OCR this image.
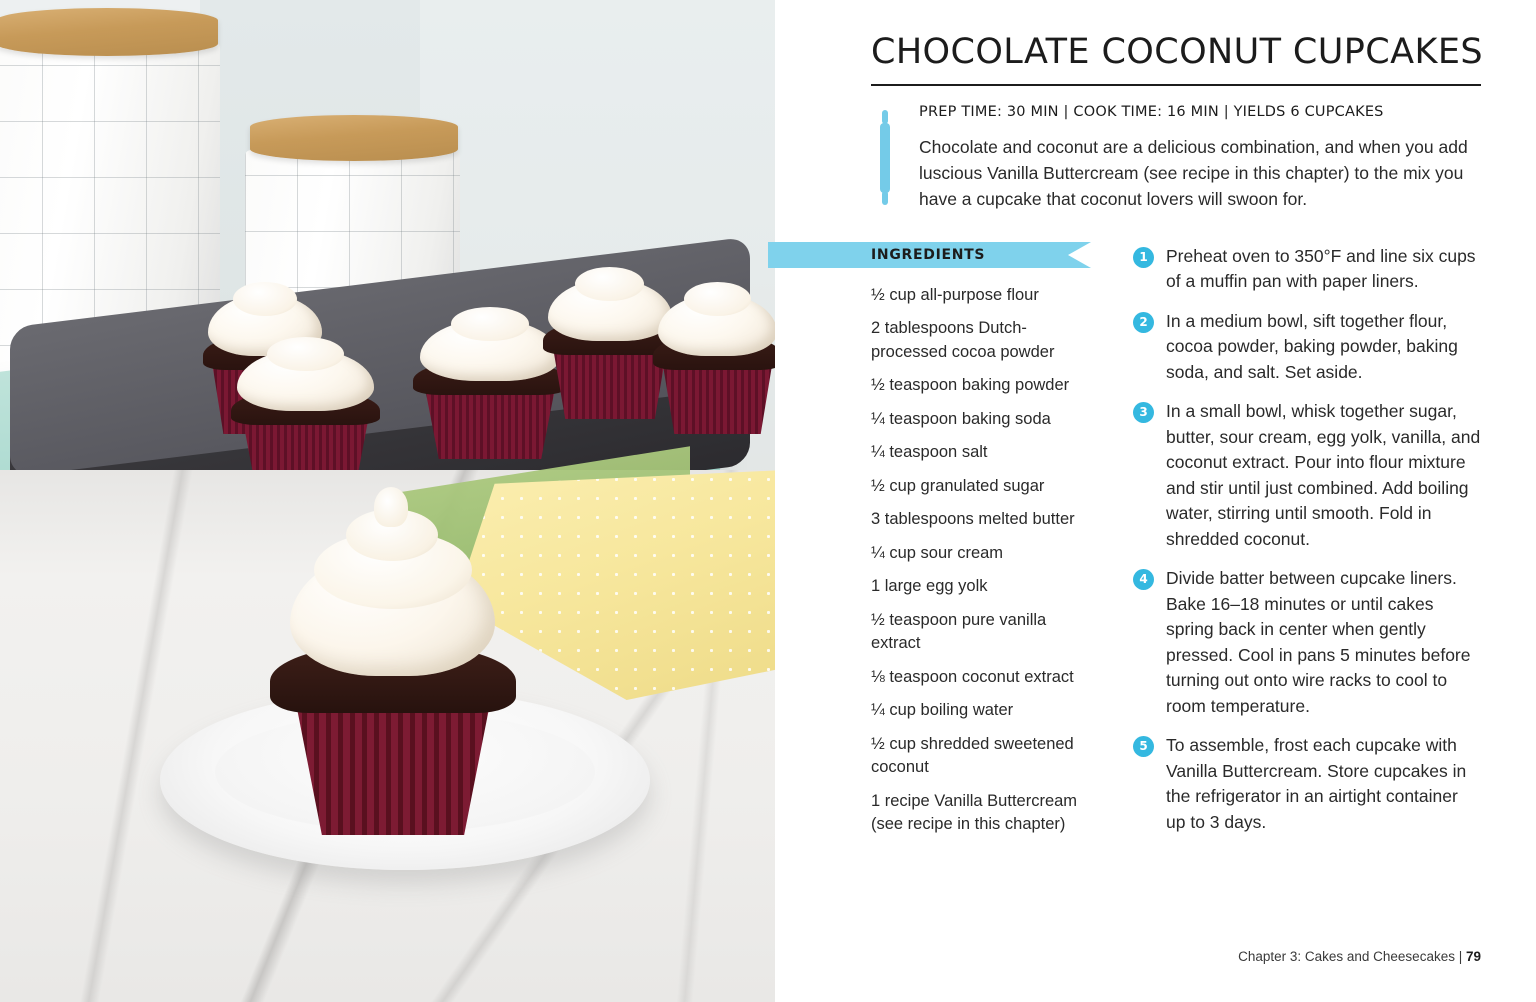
CHOCOLATE COCONUT CUPCAKES
PREP TIME: 30 MIN | COOK TIME: 16 MIN | YIELDS 6 CUPCAKES
Chocolate and coconut are a delicious combination, and when you add luscious Vanilla Buttercream (see recipe in this chapter) to the mix you have a cupcake that coconut lovers will swoon for.
INGREDIENTS
½ cup all-purpose flour
2 tablespoons Dutch-processed cocoa powder
½ teaspoon baking powder
¼ teaspoon baking soda
¼ teaspoon salt
½ cup granulated sugar
3 tablespoons melted butter
¼ cup sour cream
1 large egg yolk
½ teaspoon pure vanilla extract
⅛ teaspoon coconut extract
¼ cup boiling water
½ cup shredded sweetened coconut
1 recipe Vanilla Buttercream (see recipe in this chapter)
1	Preheat oven to 350°F and line six cups of a muffin pan with paper liners.
2	In a medium bowl, sift together flour, cocoa powder, baking powder, baking soda, and salt. Set aside.
3	In a small bowl, whisk together sugar, butter, sour cream, egg yolk, vanilla, and coconut extract. Pour into flour mixture and stir until just combined. Add boiling water, stirring until smooth. Fold in shredded coconut.
4	Divide batter between cupcake liners. Bake 16–18 minutes or until cakes spring back in center when gently pressed. Cool in pans 5 minutes before turning out onto wire racks to cool to room temperature.
5	To assemble, frost each cupcake with Vanilla Buttercream. Store cupcakes in the refrigerator in an airtight container up to 3 days.
Chapter 3: Cakes and Cheesecakes | 79
